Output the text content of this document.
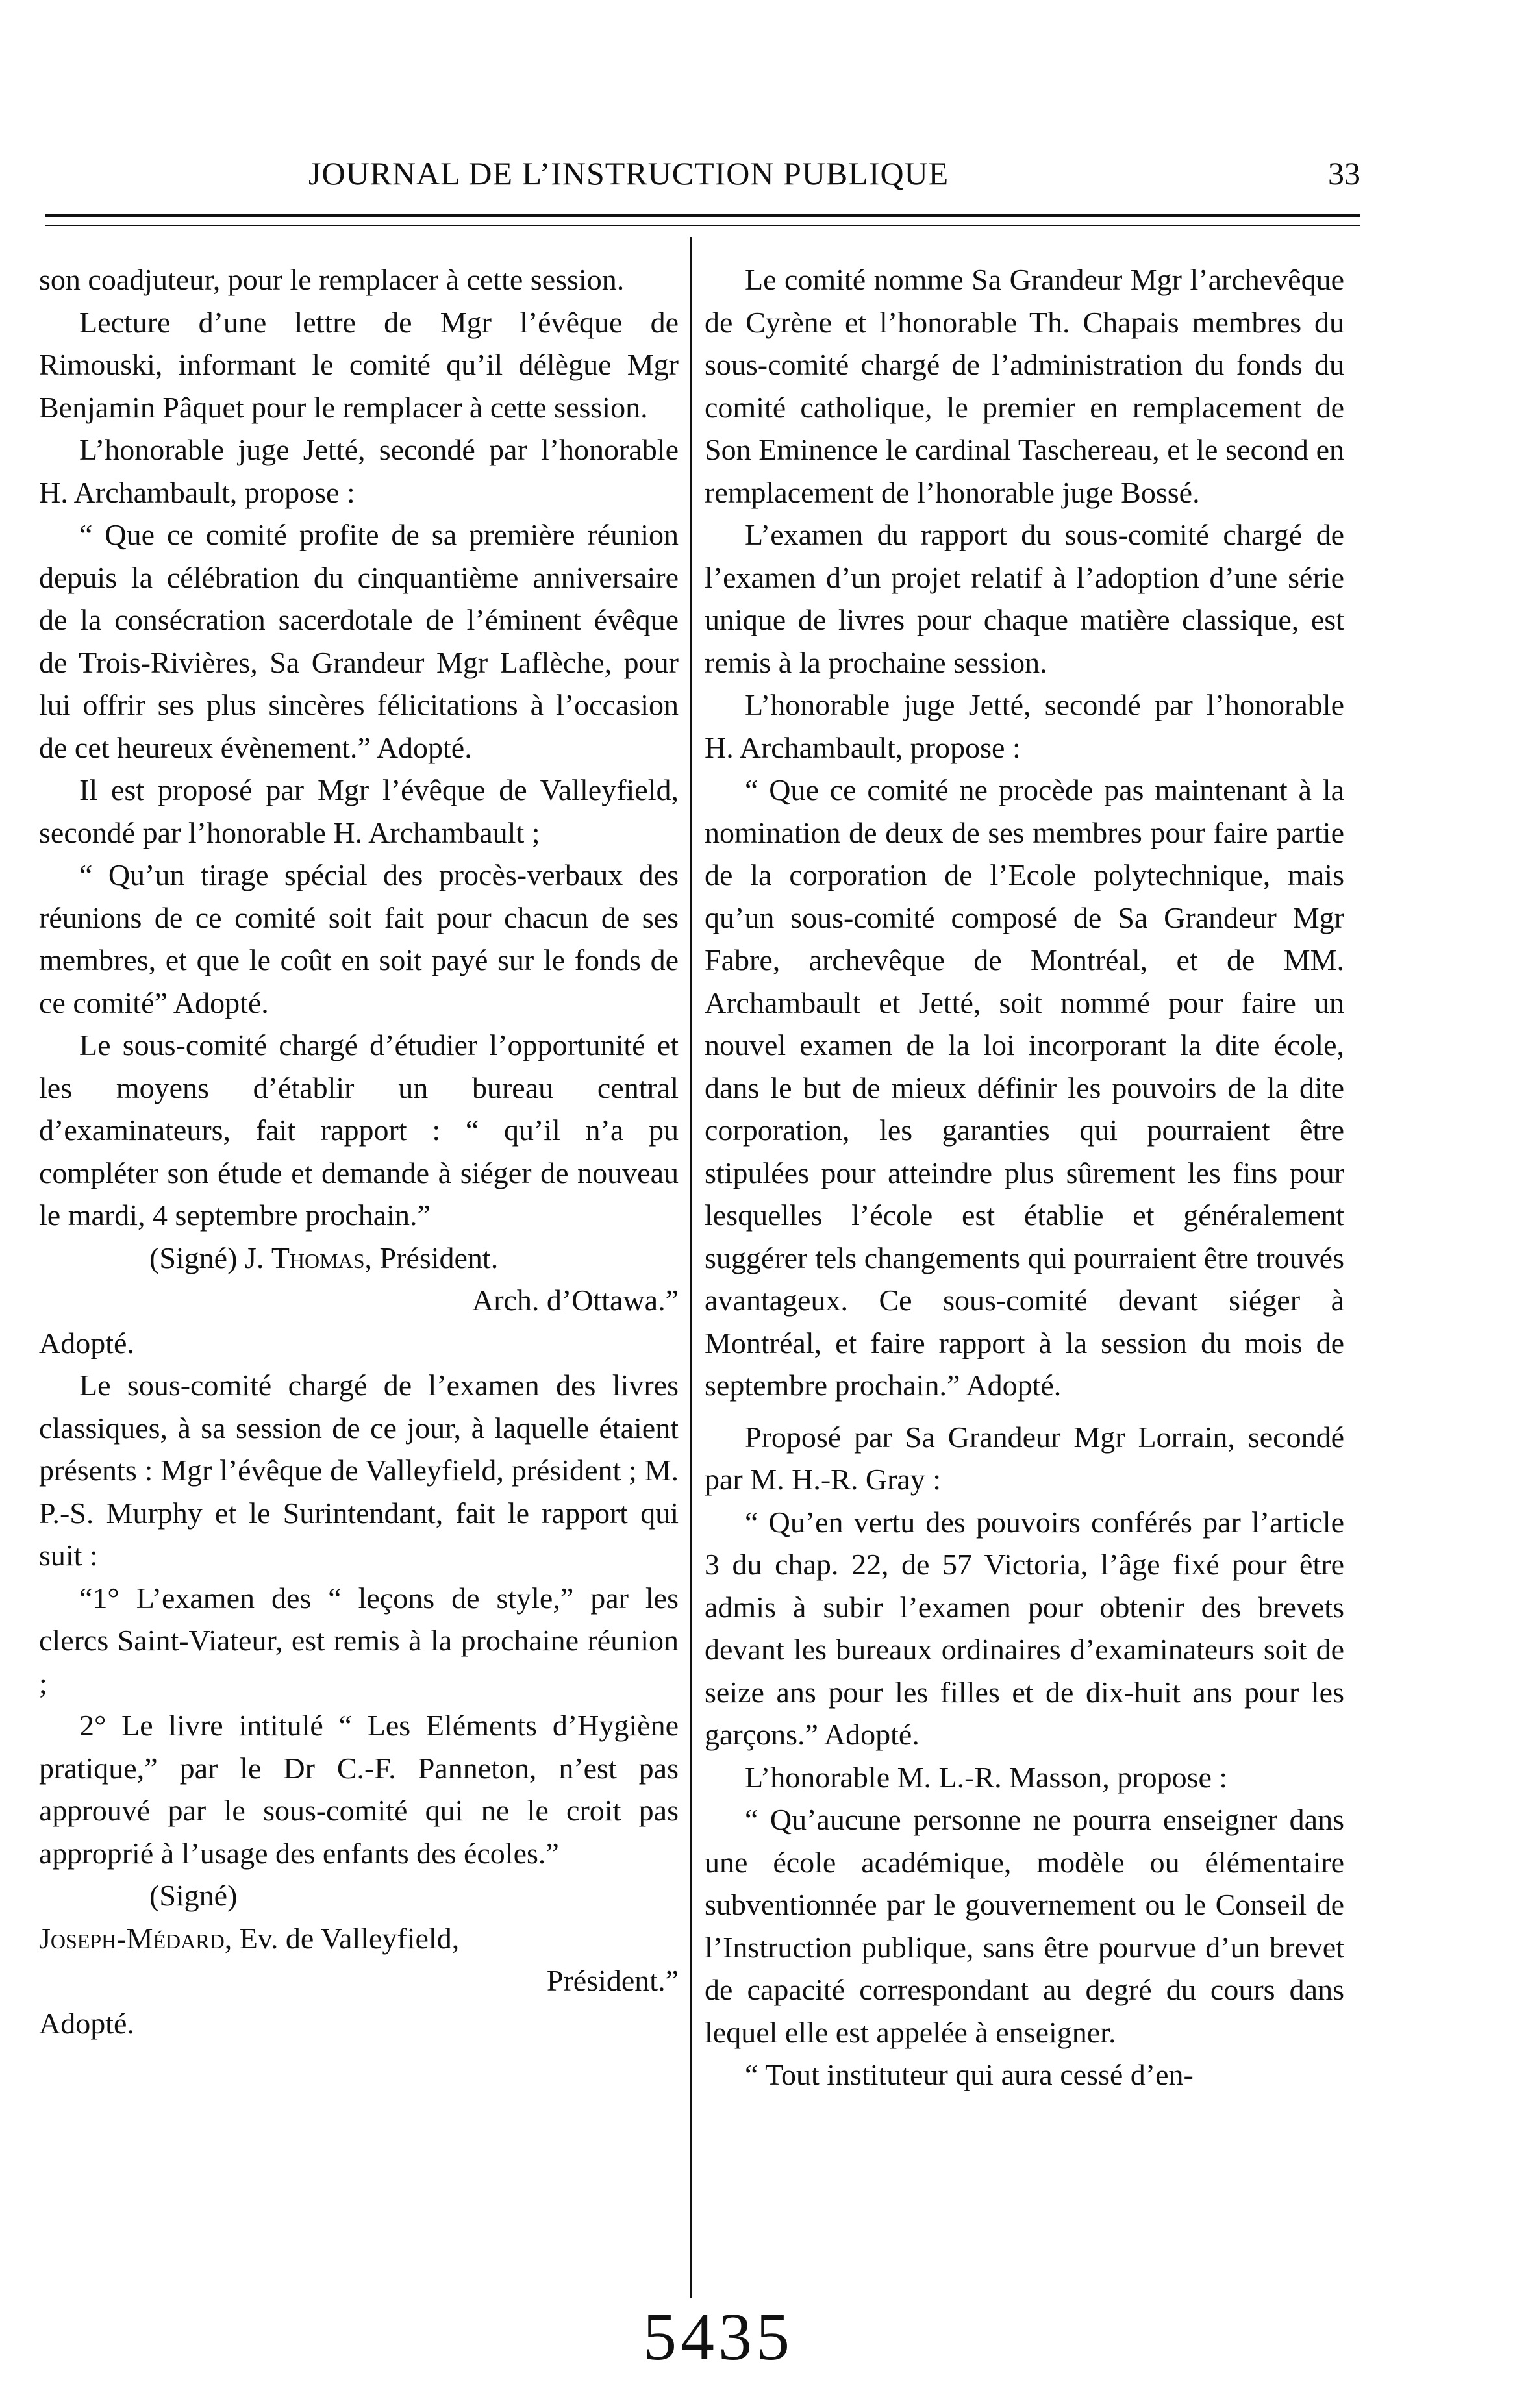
JOURNAL DE L’INSTRUCTION PUBLIQUE	33

son coadjuteur, pour le remplacer à cette session.

Lecture d’une lettre de Mgr l’évêque de Rimouski, informant le comité qu’il délègue Mgr Benjamin Pâquet pour le remplacer à cette session.

L’honorable juge Jetté, secondé par l’honorable H. Archambault, propose :

“ Que ce comité profite de sa première réunion depuis la célébration du cinquantième anniversaire de la consécration sacerdotale de l’éminent évêque de Trois-Rivières, Sa Grandeur Mgr Laflèche, pour lui offrir ses plus sincères félicitations à l’occasion de cet heureux évènement.” Adopté.

Il est proposé par Mgr l’évêque de Valleyfield, secondé par l’honorable H. Archambault ;

“ Qu’un tirage spécial des procès-verbaux des réunions de ce comité soit fait pour chacun de ses membres, et que le coût en soit payé sur le fonds de ce comité” Adopté.

Le sous-comité chargé d’étudier l’opportunité et les moyens d’établir un bureau central d’examinateurs, fait rapport : “ qu’il n’a pu compléter son étude et demande à siéger de nouveau le mardi, 4 septembre prochain.”

(Signé) J. Thomas, Président.

Arch. d’Ottawa.”

Adopté.

Le sous-comité chargé de l’examen des livres classiques, à sa session de ce jour, à laquelle étaient présents : Mgr l’évêque de Valleyfield, président ; M. P.-S. Murphy et le Surintendant, fait le rapport qui suit :

“1° L’examen des “ leçons de style,” par les clercs Saint-Viateur, est remis à la prochaine réunion ;

2° Le livre intitulé “ Les Eléments d’Hygiène pratique,” par le Dr C.-F. Panneton, n’est pas approuvé par le sous-comité qui ne le croit pas approprié à l’usage des enfants des écoles.”

(Signé)

Joseph-Médard, Ev. de Valleyfield,

Président.”

Adopté.

Le comité nomme Sa Grandeur Mgr l’archevêque de Cyrène et l’honorable Th. Chapais membres du sous-comité chargé de l’administration du fonds du comité catholique, le premier en remplacement de Son Eminence le cardinal Taschereau, et le second en remplacement de l’honorable juge Bossé.

L’examen du rapport du sous-comité chargé de l’examen d’un projet relatif à l’adoption d’une série unique de livres pour chaque matière classique, est remis à la prochaine session.

L’honorable juge Jetté, secondé par l’honorable H. Archambault, propose :

“ Que ce comité ne procède pas maintenant à la nomination de deux de ses membres pour faire partie de la corporation de l’Ecole polytechnique, mais qu’un sous-comité composé de Sa Grandeur Mgr Fabre, archevêque de Montréal, et de MM. Archambault et Jetté, soit nommé pour faire un nouvel examen de la loi incorporant la dite école, dans le but de mieux définir les pouvoirs de la dite corporation, les garanties qui pourraient être stipulées pour atteindre plus sûrement les fins pour lesquelles l’école est établie et généralement suggérer tels changements qui pourraient être trouvés avantageux. Ce sous-comité devant siéger à Montréal, et faire rapport à la session du mois de septembre prochain.” Adopté.

Proposé par Sa Grandeur Mgr Lorrain, secondé par M. H.-R. Gray :

“ Qu’en vertu des pouvoirs conférés par l’article 3 du chap. 22, de 57 Victoria, l’âge fixé pour être admis à subir l’examen pour obtenir des brevets devant les bureaux ordinaires d’examinateurs soit de seize ans pour les filles et de dix-huit ans pour les garçons.” Adopté.

L’honorable M. L.-R. Masson, propose :

“ Qu’aucune personne ne pourra enseigner dans une école académique, modèle ou élémentaire subventionnée par le gouvernement ou le Conseil de l’Instruction publique, sans être pourvue d’un brevet de capacité correspondant au degré du cours dans lequel elle est appelée à enseigner.

“ Tout instituteur qui aura cessé d’en-

5435
